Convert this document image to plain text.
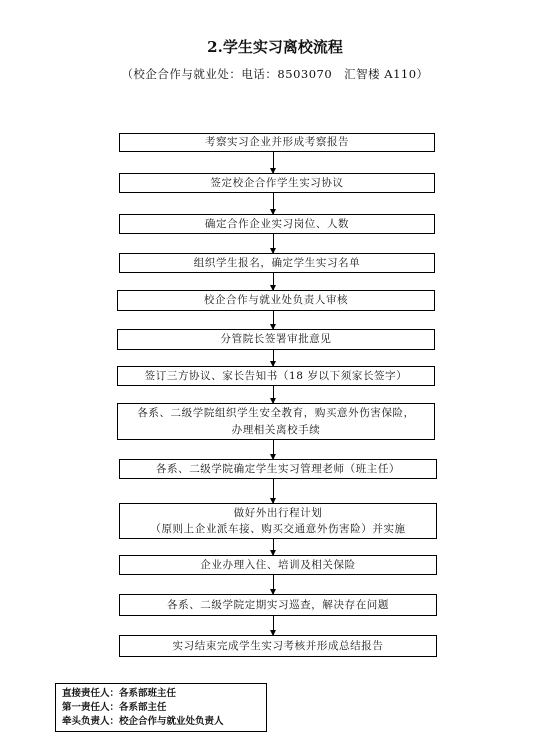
2.学生实习离校流程
（校企合作与就业处：电话：8503070　汇智楼 A110）
考察实习企业并形成考察报告
签定校企合作学生实习协议
确定合作企业实习岗位、人数
组织学生报名，确定学生实习名单
校企合作与就业处负责人审核
分管院长签署审批意见
签订三方协议、家长告知书（18 岁以下须家长签字）
各系、二级学院组织学生安全教育，购买意外伤害保险，
办理相关离校手续
各系、二级学院确定学生实习管理老师（班主任）
做好外出行程计划
（原则上企业派车接、购买交通意外伤害险）并实施
企业办理入住、培训及相关保险
各系、二级学院定期实习巡查，解决存在问题
实习结束完成学生实习考核并形成总结报告
直接责任人：各系部班主任
第一责任人：各系部主任
牵头负责人：校企合作与就业处负责人
